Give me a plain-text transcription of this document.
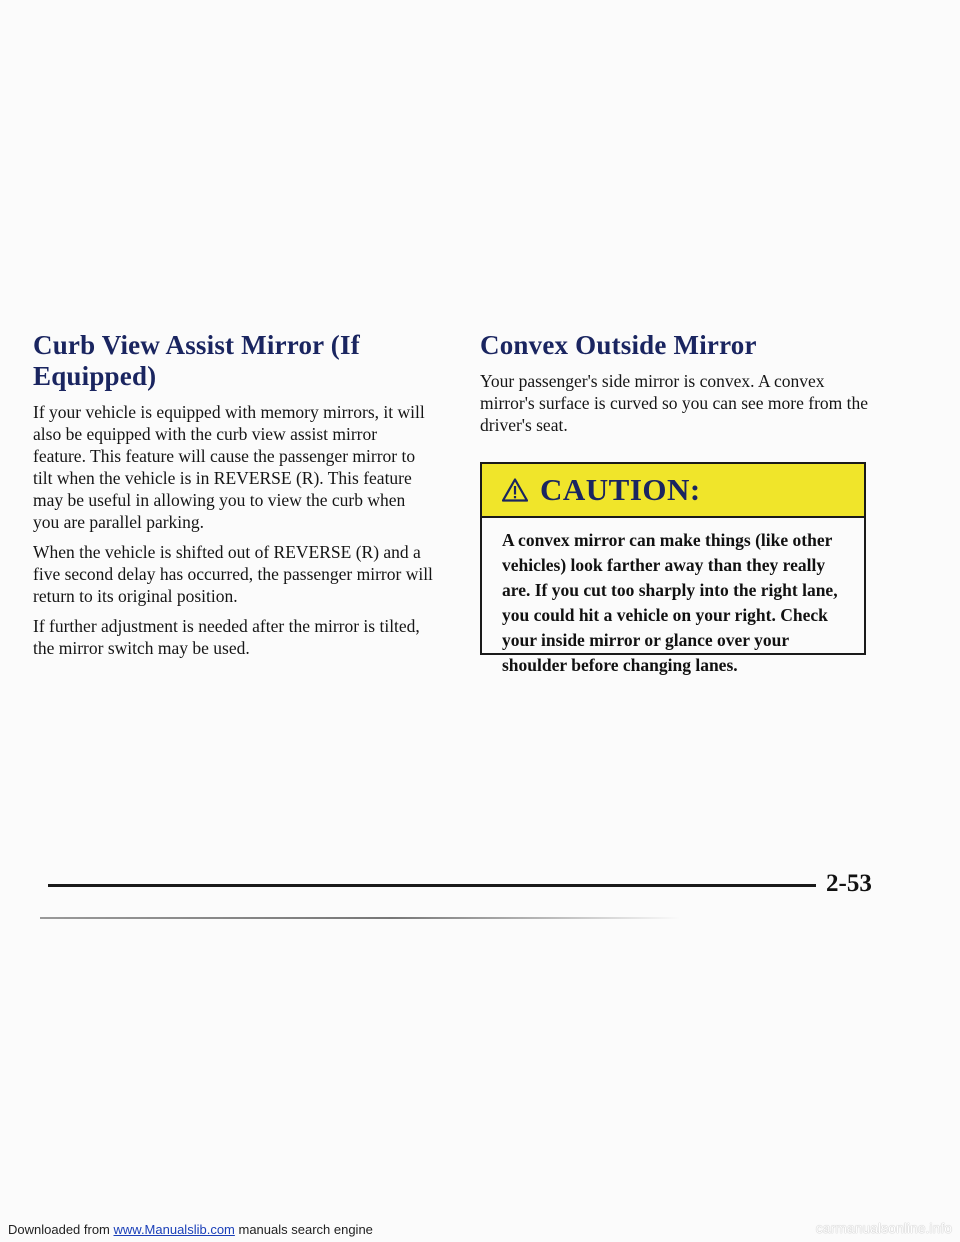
Curb View Assist Mirror (If Equipped)

If your vehicle is equipped with memory mirrors, it will also be equipped with the curb view assist mirror feature. This feature will cause the passenger mirror to tilt when the vehicle is in REVERSE (R). This feature may be useful in allowing you to view the curb when you are parallel parking.

When the vehicle is shifted out of REVERSE (R) and a five second delay has occurred, the passenger mirror will return to its original position.

If further adjustment is needed after the mirror is tilted, the mirror switch may be used.

Convex Outside Mirror

Your passenger's side mirror is convex. A convex mirror's surface is curved so you can see more from the driver's seat.

CAUTION:
A convex mirror can make things (like other vehicles) look farther away than they really are. If you cut too sharply into the right lane, you could hit a vehicle on your right. Check your inside mirror or glance over your shoulder before changing lanes.
2-53
Downloaded from www.Manualslib.com manuals search engine	carmanualsonline.info
